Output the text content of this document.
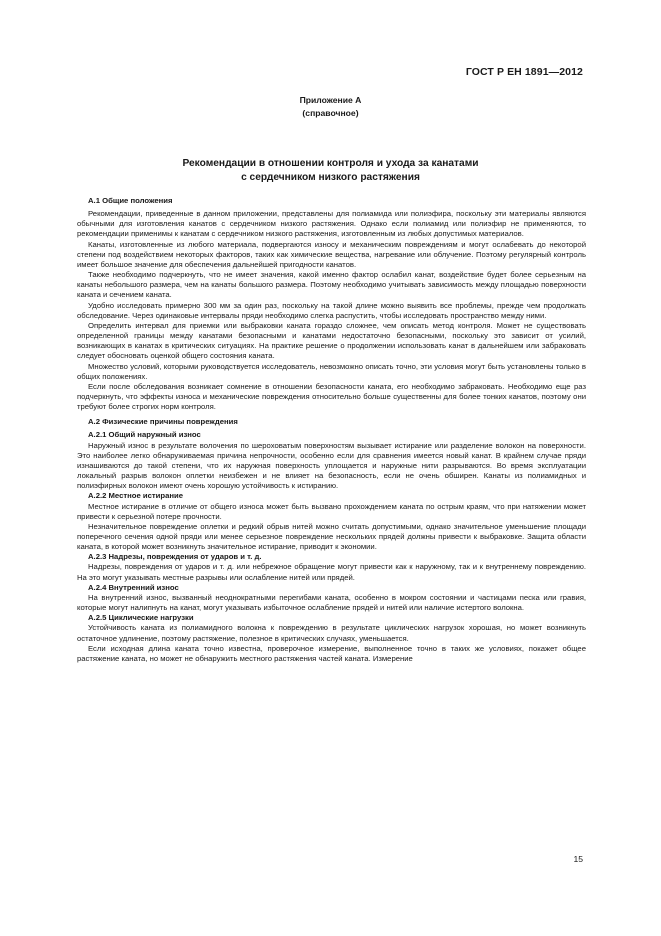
ГОСТ Р ЕН 1891—2012
Приложение А
(справочное)
Рекомендации в отношении контроля и ухода за канатами
с сердечником низкого растяжения
А.1 Общие положения

Рекомендации, приведенные в данном приложении, представлены для полиамида или полиэфира, поскольку эти материалы являются обычными для изготовления канатов с сердечником низкого растяжения. Однако если полиамид или полиэфир не применяются, то рекомендации применимы к канатам с сердечником низкого растяжения, изготовленным из любых допустимых материалов.

Канаты, изготовленные из любого материала, подвергаются износу и механическим повреждениям и могут ослабевать до некоторой степени под воздействием некоторых факторов, таких как химические вещества, нагревание или облучение. Поэтому регулярный контроль имеет большое значение для обеспечения дальнейшей пригодности канатов.

Также необходимо подчеркнуть, что не имеет значения, какой именно фактор ослабил канат, воздействие будет более серьезным на канаты небольшого размера, чем на канаты большого размера. Поэтому необходимо учитывать зависимость между площадью поверхности каната и сечением каната.

Удобно исследовать примерно 300 мм за один раз, поскольку на такой длине можно выявить все проблемы, прежде чем продолжать обследование. Через одинаковые интервалы пряди необходимо слегка распустить, чтобы исследовать пространство между ними.

Определить интервал для приемки или выбраковки каната гораздо сложнее, чем описать метод контроля. Может не существовать определенной границы между канатами безопасными и канатами недостаточно безопасными, поскольку это зависит от усилий, возникающих в канатах в критических ситуациях. На практике решение о продолжении использовать канат в дальнейшем или забраковать следует обосновать оценкой общего состояния каната.

Множество условий, которыми руководствуется исследователь, невозможно описать точно, эти условия могут быть установлены только в общих положениях.

Если после обследования возникает сомнение в отношении безопасности каната, его необходимо забраковать. Необходимо еще раз подчеркнуть, что эффекты износа и механические повреждения относительно больше существенны для более тонких канатов, поэтому они требуют более строгих норм контроля.

А.2 Физические причины повреждения
А.2.1 Общий наружный износ

Наружный износ в результате волочения по шероховатым поверхностям вызывает истирание или разделение волокон на поверхности. Это наиболее легко обнаруживаемая причина непрочности, особенно если для сравнения имеется новый канат. В крайнем случае пряди изнашиваются до такой степени, что их наружная поверхность уплощается и наружные нити разрываются. Во время эксплуатации локальный разрыв волокон оплетки неизбежен и не влияет на безопасность, если не очень обширен. Канаты из полиамидных и полиэфирных волокон имеют очень хорошую устойчивость к истиранию.

А.2.2 Местное истирание

Местное истирание в отличие от общего износа может быть вызвано прохождением каната по острым краям, что при натяжении может привести к серьезной потере прочности.

Незначительное повреждение оплетки и редкий обрыв нитей можно считать допустимыми, однако значительное уменьшение площади поперечного сечения одной пряди или менее серьезное повреждение нескольких прядей должны привести к выбраковке. Защита области каната, в которой может возникнуть значительное истирание, приводит к экономии.

А.2.3 Надрезы, повреждения от ударов и т. д.

Надрезы, повреждения от ударов и т. д. или небрежное обращение могут привести как к наружному, так и к внутреннему повреждению. На это могут указывать местные разрывы или ослабление нитей или прядей.

А.2.4 Внутренний износ

На внутренний износ, вызванный неоднократными перегибами каната, особенно в мокром состоянии и частицами песка или гравия, которые могут налипнуть на канат, могут указывать избыточное ослабление прядей и нитей или наличие истертого волокна.

А.2.5 Циклические нагрузки

Устойчивость каната из полиамидного волокна к повреждению в результате циклических нагрузок хорошая, но может возникнуть остаточное удлинение, поэтому растяжение, полезное в критических случаях, уменьшается.

Если исходная длина каната точно известна, проверочное измерение, выполненное точно в таких же условиях, покажет общее растяжение каната, но может не обнаружить местного растяжения частей каната. Измерение

15
